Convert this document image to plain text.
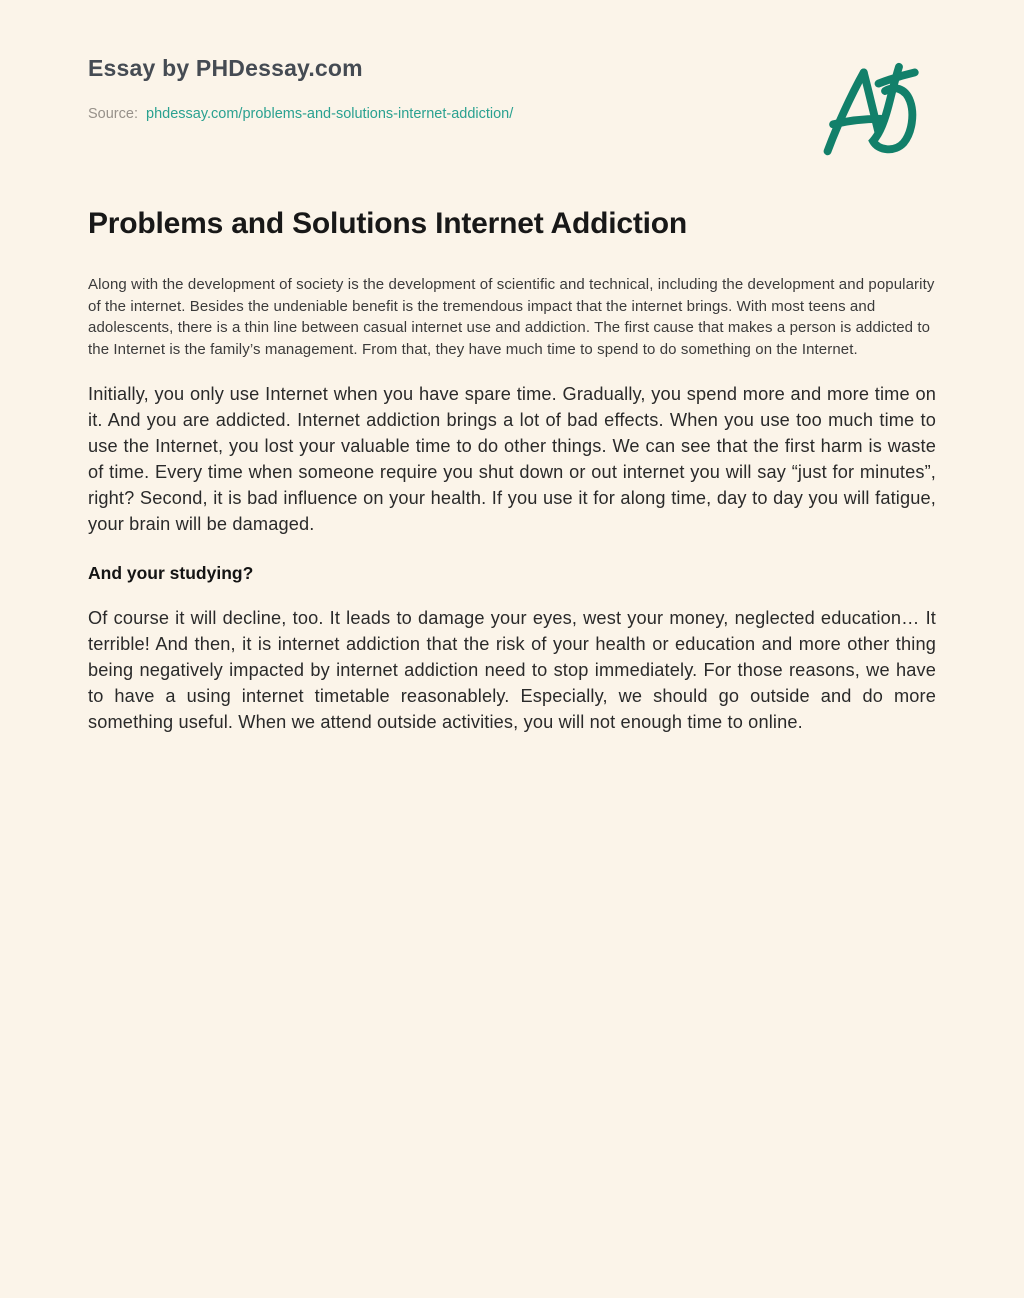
Essay by PHDessay.com

Source: phdessay.com/problems-and-solutions-internet-addiction/

Problems and Solutions Internet Addiction

Along with the development of society is the development of scientific and technical, including the development and popularity of the internet. Besides the undeniable benefit is the tremendous impact that the internet brings. With most teens and adolescents, there is a thin line between casual internet use and addiction. The first cause that makes a person is addicted to the Internet is the family’s management. From that, they have much time to spend to do something on the Internet.

Initially, you only use Internet when you have spare time. Gradually, you spend more and more time on it. And you are addicted. Internet addiction brings a lot of bad effects. When you use too much time to use the Internet, you lost your valuable time to do other things. We can see that the first harm is waste of time. Every time when someone require you shut down or out internet you will say “just for minutes”, right? Second, it is bad influence on your health. If you use it for along time, day to day you will fatigue, your brain will be damaged.

And your studying?

Of course it will decline, too. It leads to damage your eyes, west your money, neglected education… It terrible! And then, it is internet addiction that the risk of your health or education and more other thing being negatively impacted by internet addiction need to stop immediately. For those reasons, we have to have a using internet timetable reasonablely. Especially, we should go outside and do more something useful. When we attend outside activities, you will not enough time to online.
